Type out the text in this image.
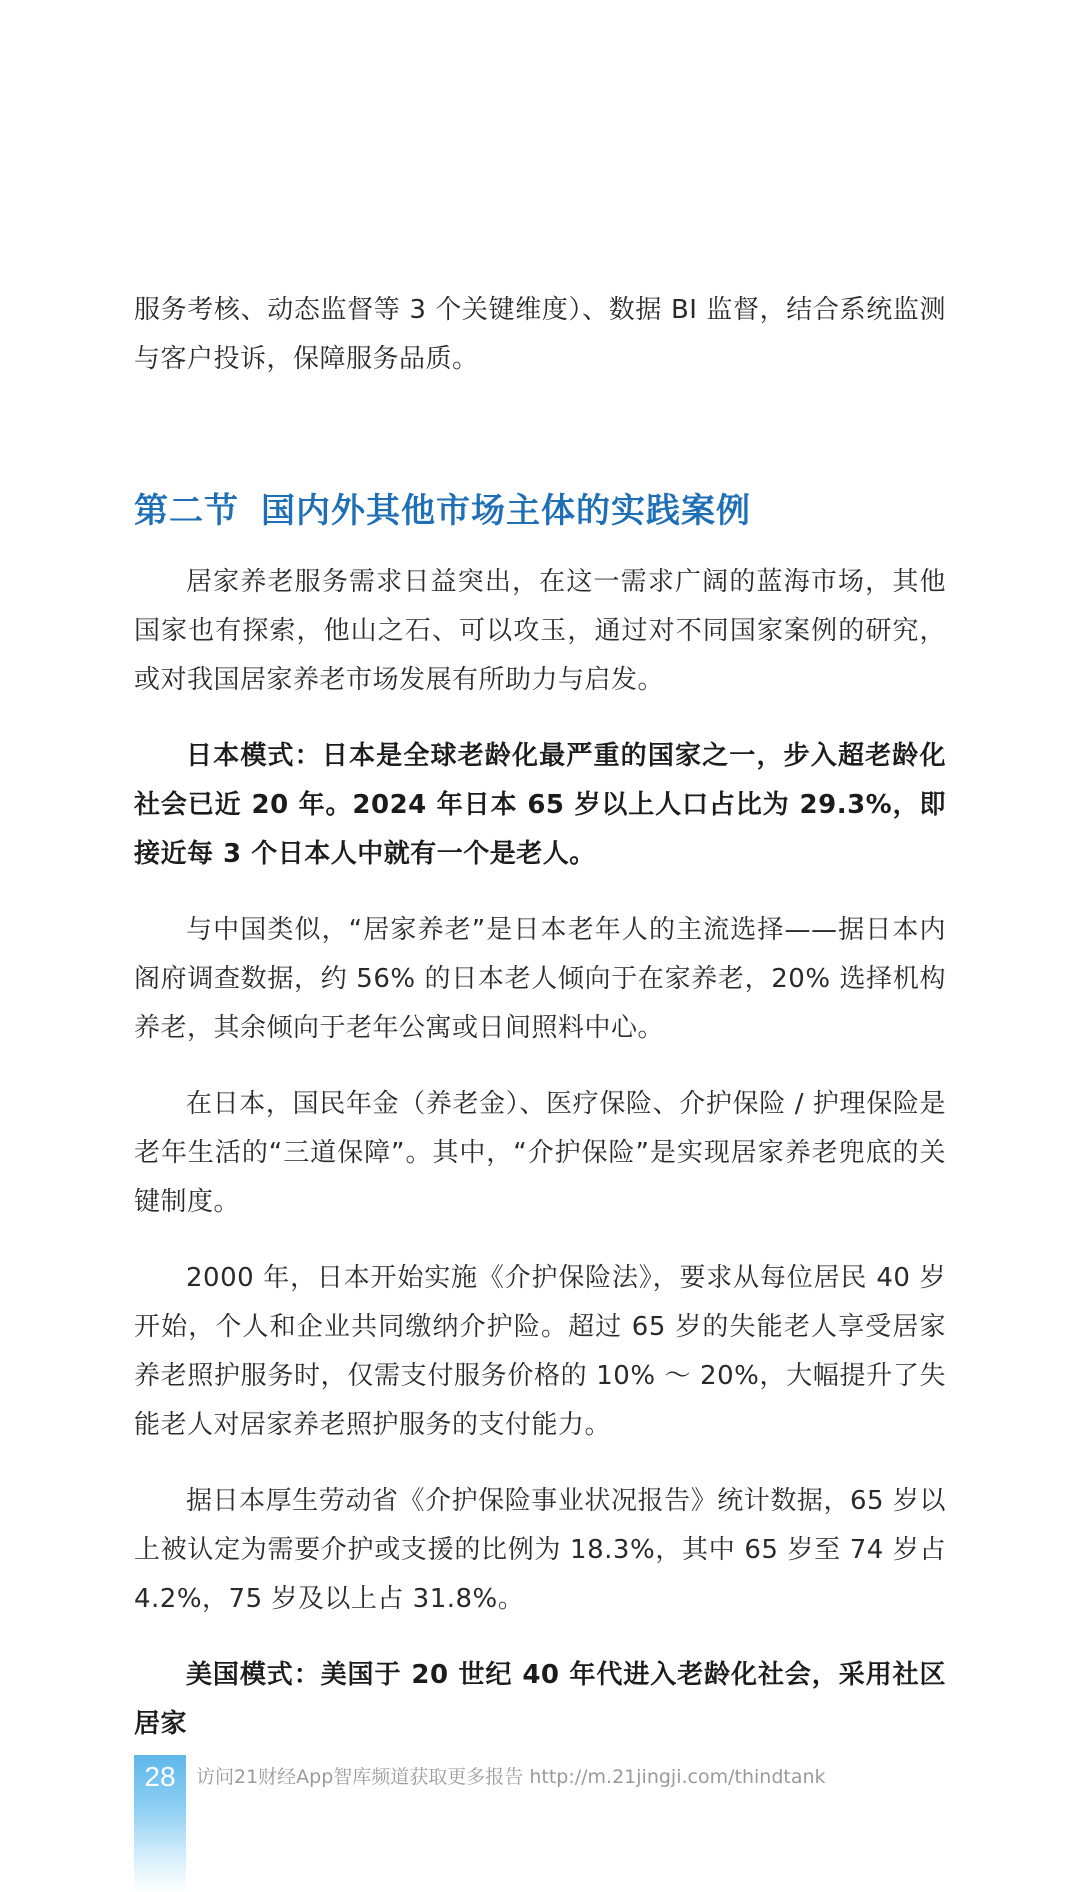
服务考核、动态监督等 3 个关键维度）、数据 BI 监督，结合系统监测与客户投诉，保障服务品质。

第二节 国内外其他市场主体的实践案例

居家养老服务需求日益突出，在这一需求广阔的蓝海市场，其他国家也有探索，他山之石、可以攻玉，通过对不同国家案例的研究，或对我国居家养老市场发展有所助力与启发。

日本模式：日本是全球老龄化最严重的国家之一，步入超老龄化社会已近 20 年。2024 年日本 65 岁以上人口占比为 29.3%，即接近每 3 个日本人中就有一个是老人。

与中国类似，“居家养老”是日本老年人的主流选择——据日本内阁府调查数据，约 56% 的日本老人倾向于在家养老，20% 选择机构养老，其余倾向于老年公寓或日间照料中心。

在日本，国民年金（养老金）、医疗保险、介护保险 / 护理保险是老年生活的“三道保障”。其中，“介护保险”是实现居家养老兜底的关键制度。

2000 年，日本开始实施《介护保险法》，要求从每位居民 40 岁开始，个人和企业共同缴纳介护险。超过 65 岁的失能老人享受居家养老照护服务时，仅需支付服务价格的 10% ～ 20%，大幅提升了失能老人对居家养老照护服务的支付能力。

据日本厚生劳动省《介护保险事业状况报告》统计数据，65 岁以上被认定为需要介护或支援的比例为 18.3%，其中 65 岁至 74 岁占 4.2%，75 岁及以上占 31.8%。

美国模式：美国于 20 世纪 40 年代进入老龄化社会，采用社区居家

28	访问21财经App智库频道获取更多报告 http://m.21jingji.com/thindtank
